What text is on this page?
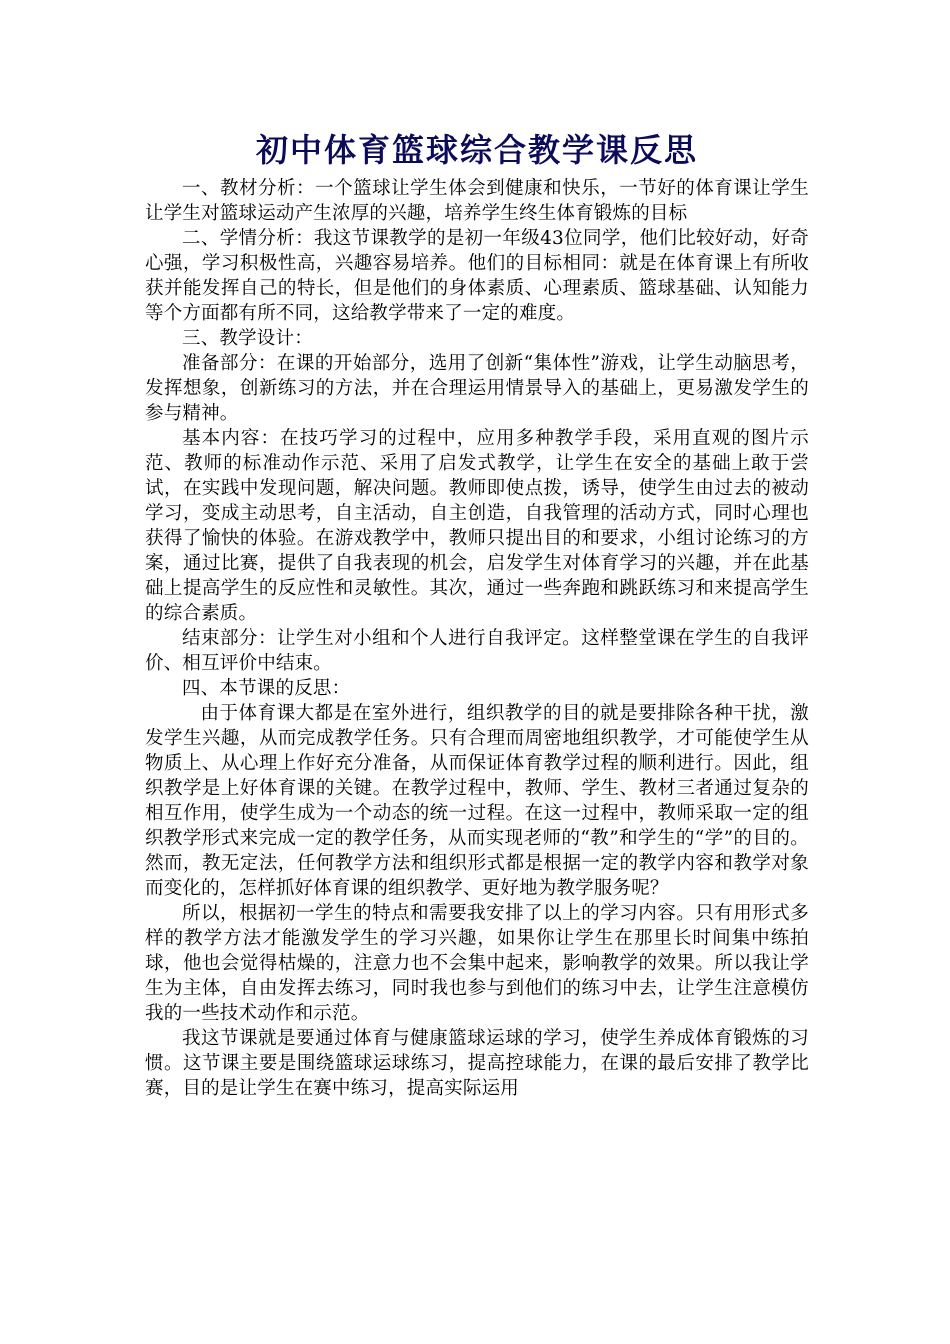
初中体育篮球综合教学课反思

一、教材分析：一个篮球让学生体会到健康和快乐，一节好的体育课让学生让学生对篮球运动产生浓厚的兴趣，培养学生终生体育锻炼的目标

二、学情分析：我这节课教学的是初一年级43位同学，他们比较好动，好奇心强，学习积极性高，兴趣容易培养。他们的目标相同：就是在体育课上有所收获并能发挥自己的特长，但是他们的身体素质、心理素质、篮球基础、认知能力等个方面都有所不同，这给教学带来了一定的难度。

三、教学设计：

准备部分：在课的开始部分，选用了创新“集体性”游戏，让学生动脑思考，发挥想象，创新练习的方法，并在合理运用情景导入的基础上，更易激发学生的参与精神。

基本内容：在技巧学习的过程中，应用多种教学手段，采用直观的图片示范、教师的标准动作示范、采用了启发式教学，让学生在安全的基础上敢于尝试，在实践中发现问题，解决问题。教师即使点拨，诱导，使学生由过去的被动学习，变成主动思考，自主活动，自主创造，自我管理的活动方式，同时心理也获得了愉快的体验。在游戏教学中，教师只提出目的和要求，小组讨论练习的方案，通过比赛，提供了自我表现的机会，启发学生对体育学习的兴趣，并在此基础上提高学生的反应性和灵敏性。其次，通过一些奔跑和跳跃练习和来提高学生的综合素质。

结束部分：让学生对小组和个人进行自我评定。这样整堂课在学生的自我评价、相互评价中结束。

四、本节课的反思：

由于体育课大都是在室外进行，组织教学的目的就是要排除各种干扰，激发学生兴趣，从而完成教学任务。只有合理而周密地组织教学，才可能使学生从物质上、从心理上作好充分准备，从而保证体育教学过程的顺利进行。因此，组织教学是上好体育课的关键。在教学过程中，教师、学生、教材三者通过复杂的相互作用，使学生成为一个动态的统一过程。在这一过程中，教师采取一定的组织教学形式来完成一定的教学任务，从而实现老师的“教”和学生的“学”的目的。然而，教无定法，任何教学方法和组织形式都是根据一定的教学内容和教学对象而变化的，怎样抓好体育课的组织教学、更好地为教学服务呢？

所以，根据初一学生的特点和需要我安排了以上的学习内容。只有用形式多样的教学方法才能激发学生的学习兴趣，如果你让学生在那里长时间集中练拍球，他也会觉得枯燥的，注意力也不会集中起来，影响教学的效果。所以我让学生为主体，自由发挥去练习，同时我也参与到他们的练习中去，让学生注意模仿我的一些技术动作和示范。

我这节课就是要通过体育与健康篮球运球的学习，使学生养成体育锻炼的习惯。这节课主要是围绕篮球运球练习，提高控球能力，在课的最后安排了教学比赛，目的是让学生在赛中练习，提高实际运用
